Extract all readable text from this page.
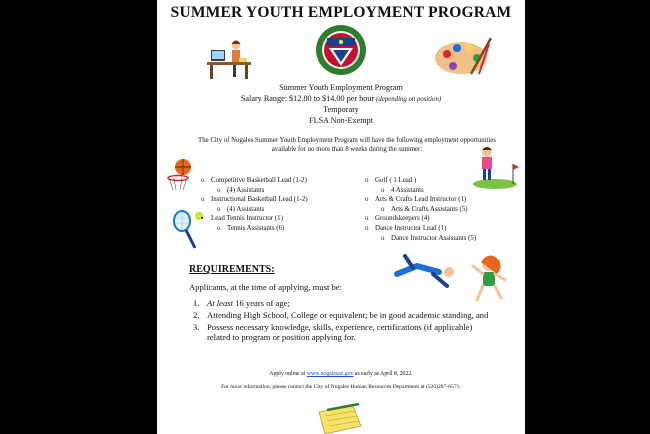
SUMMER YOUTH EMPLOYMENT PROGRAM
Summer Youth Employment Program
Salary Range: $12.80 to $14.00 per hour (depending on position)
Temporary
FLSA Non-Exempt
The City of Nogales Summer Youth Employment Program will have the following employment opportunities available for no more than 8 weeks during the summer:
o Competitive Basketball Lead (1-2)
o (4) Assistants
o Instructional Basketball Lead (1-2)
o (4) Assistants
▪ Lead Tennis Instructor (1)
o Tennis Assistants (6)
o Golf ( 1 Lead )
o 4 Assistants
o Arts & Crafts Lead Instructor (1)
o Arts & Crafts Assistants (5)
o Groundskeepers (4)
o Dance Instructor Lead (1)
o Dance Instructor Assistants (5)
REQUIREMENTS:
Applicants, at the time of applying, must be:
1. At least 16 years of age;
2. Attending High School, College or equivalent; be in good academic standing, and
3. Possess necessary knowledge, skills, experience, certifications (if applicable) related to program or position applying for.
Apply online at www.nogalesaz.gov as early as April 8, 2022.
For more information, please contact the City of Nogales Human Resources Department at (520)287-6571.
